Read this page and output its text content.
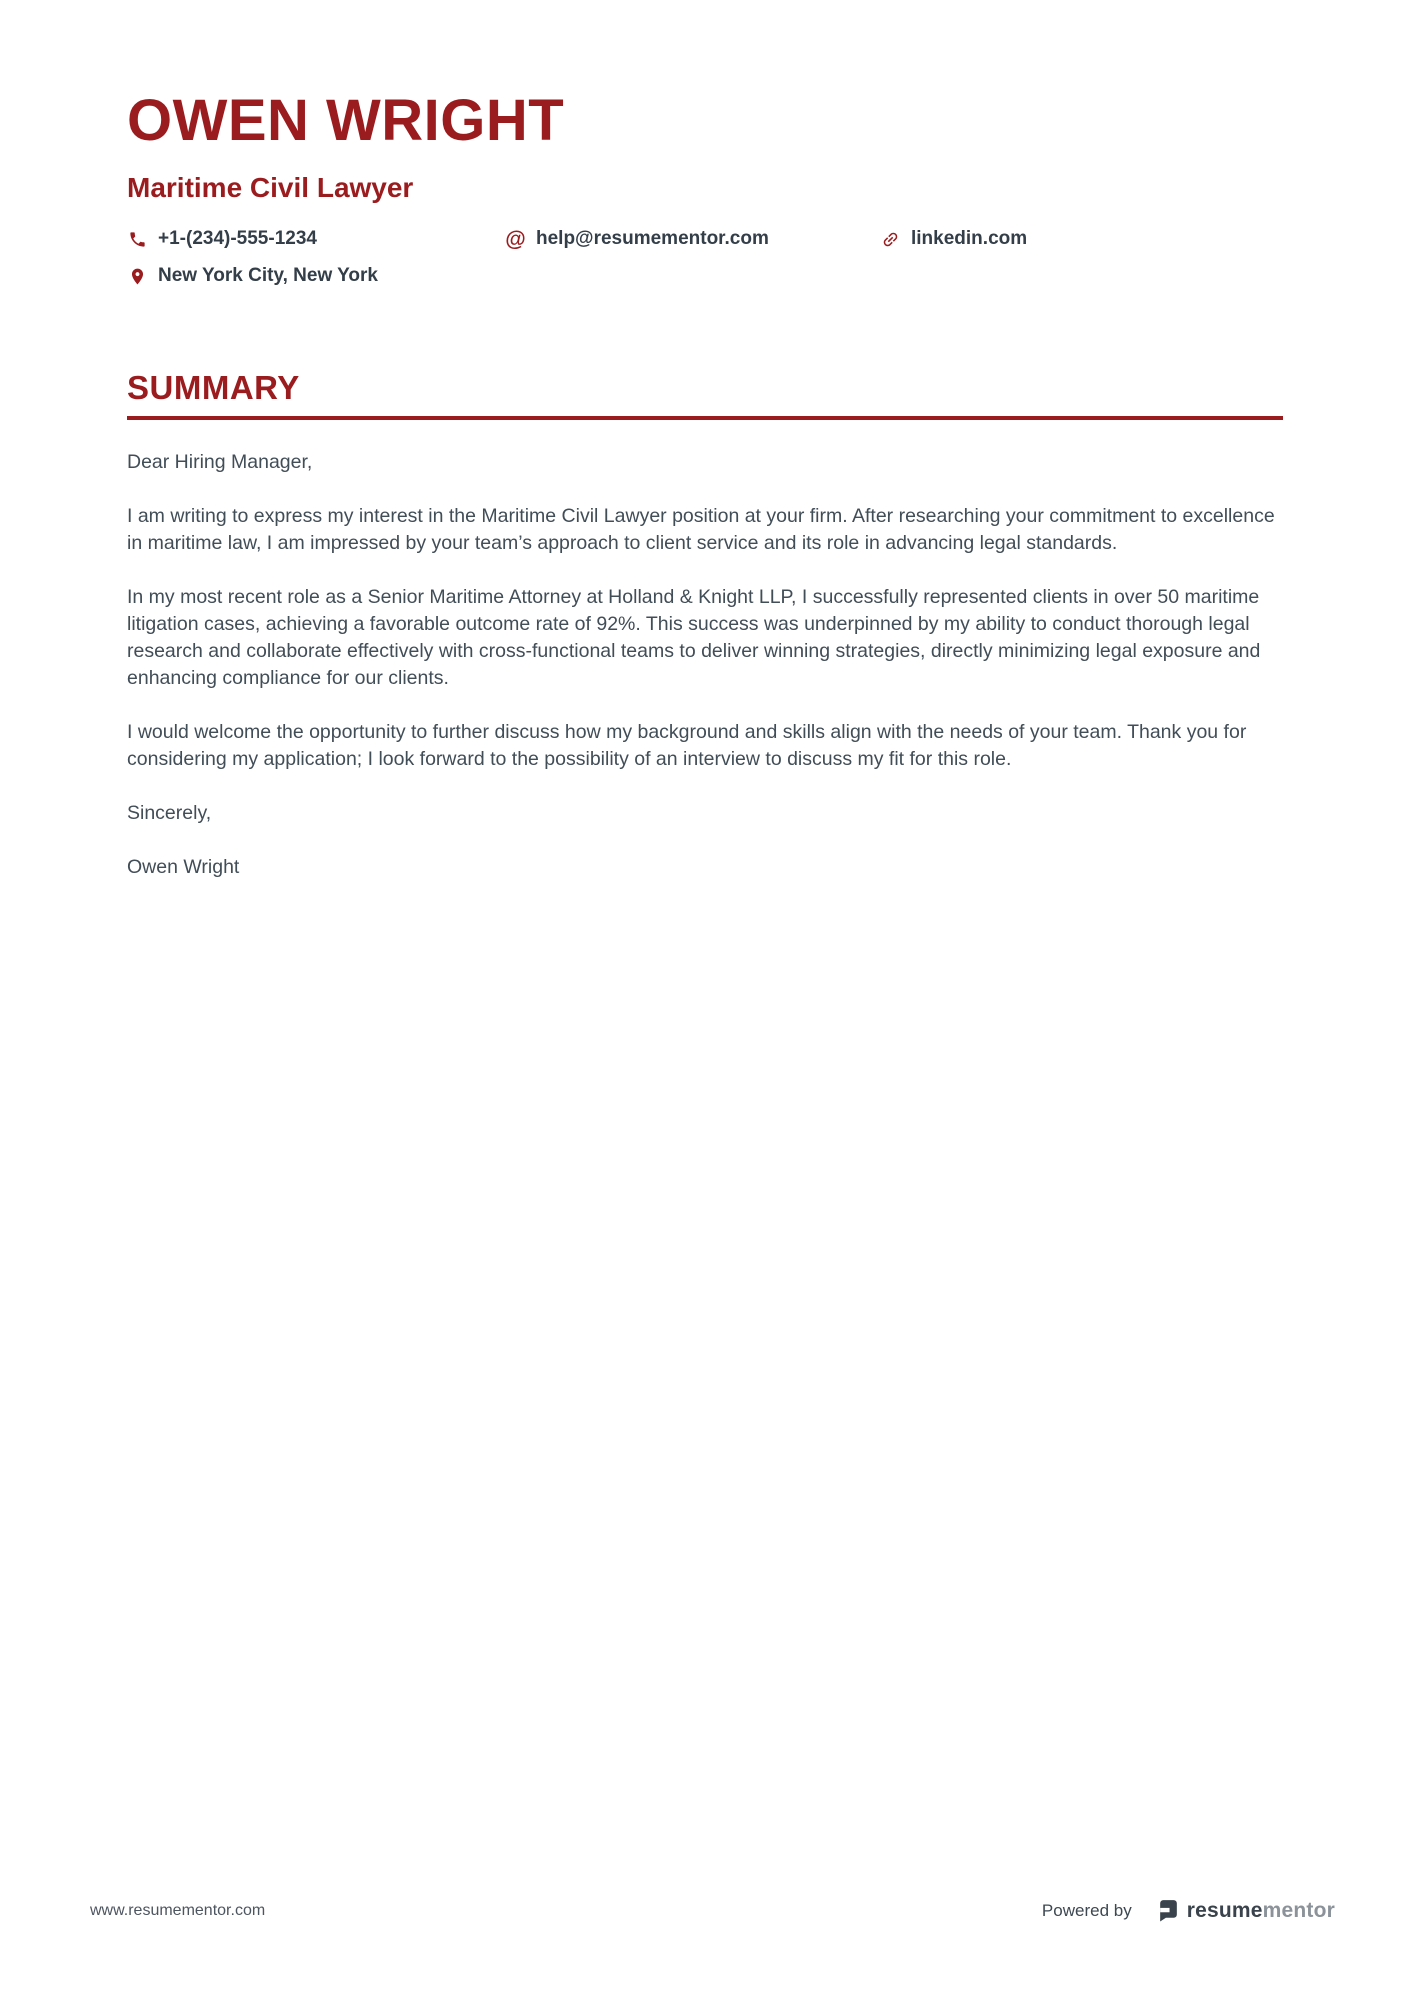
OWEN WRIGHT
Maritime Civil Lawyer
+1-(234)-555-1234	@ help@resumementor.com	linkedin.com
New York City, New York
SUMMARY

Dear Hiring Manager,

I am writing to express my interest in the Maritime Civil Lawyer position at your firm. After researching your commitment to excellence in maritime law, I am impressed by your team’s approach to client service and its role in advancing legal standards.

In my most recent role as a Senior Maritime Attorney at Holland & Knight LLP, I successfully represented clients in over 50 maritime litigation cases, achieving a favorable outcome rate of 92%. This success was underpinned by my ability to conduct thorough legal research and collaborate effectively with cross-functional teams to deliver winning strategies, directly minimizing legal exposure and enhancing compliance for our clients.

I would welcome the opportunity to further discuss how my background and skills align with the needs of your team. Thank you for considering my application; I look forward to the possibility of an interview to discuss my fit for this role.

Sincerely,

Owen Wright

www.resumementor.com	Powered by	resumementor
